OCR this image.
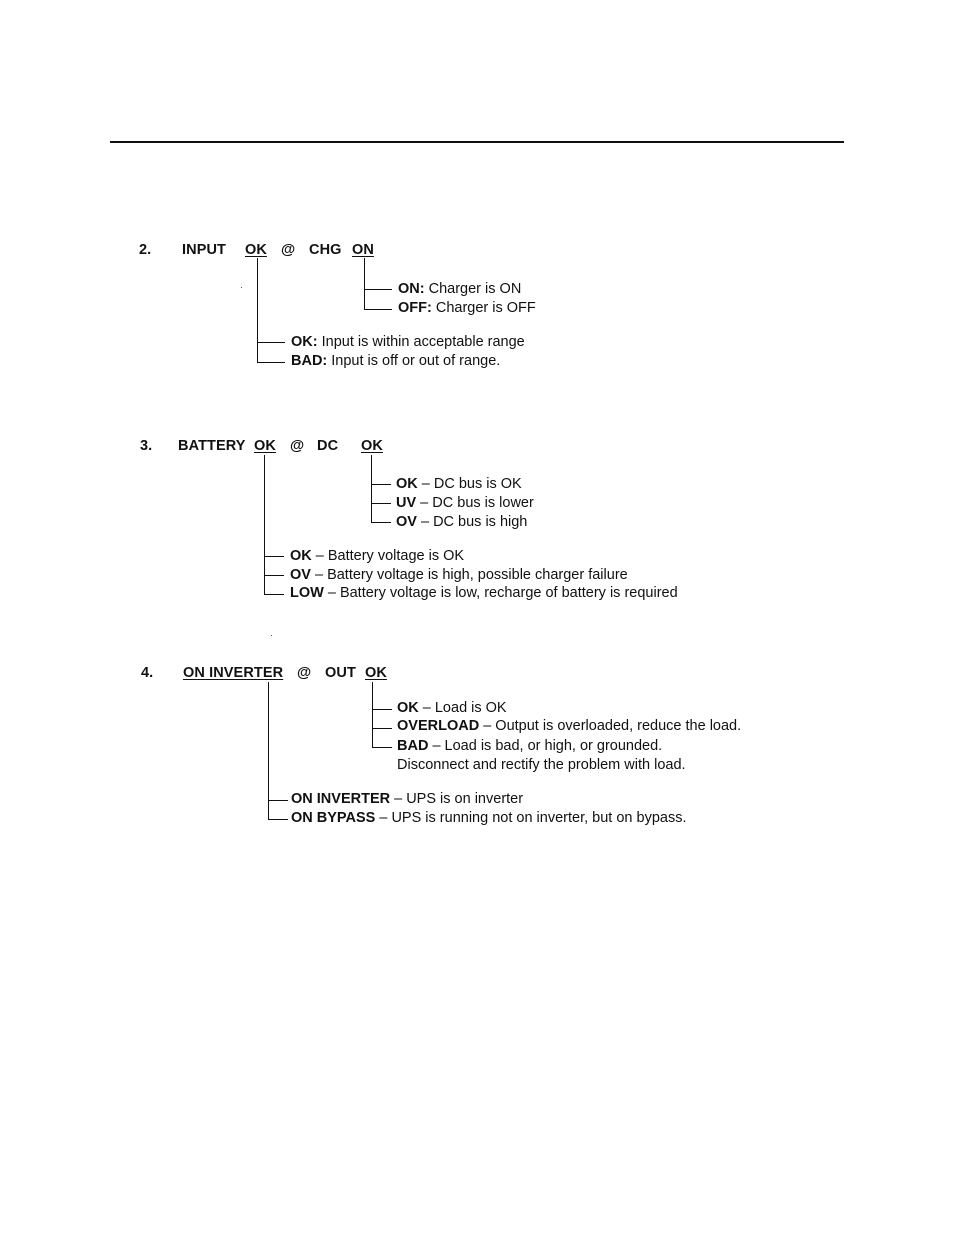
2. INPUT OK @ CHG ON
ON: Charger is ON
OFF: Charger is OFF
OK: Input is within acceptable range
BAD: Input is off or out of range.
3. BATTERY OK @ DC OK
OK – DC bus is OK
UV – DC bus is lower
OV – DC bus is high
OK – Battery voltage is OK
OV – Battery voltage is high, possible charger failure
LOW – Battery voltage is low, recharge of battery is required
4. ON INVERTER @ OUT OK
OK – Load is OK
OVERLOAD – Output is overloaded, reduce the load.
BAD – Load is bad, or high, or grounded.
Disconnect and rectify the problem with load.
ON INVERTER – UPS is on inverter
ON BYPASS – UPS is running not on inverter, but on bypass.
